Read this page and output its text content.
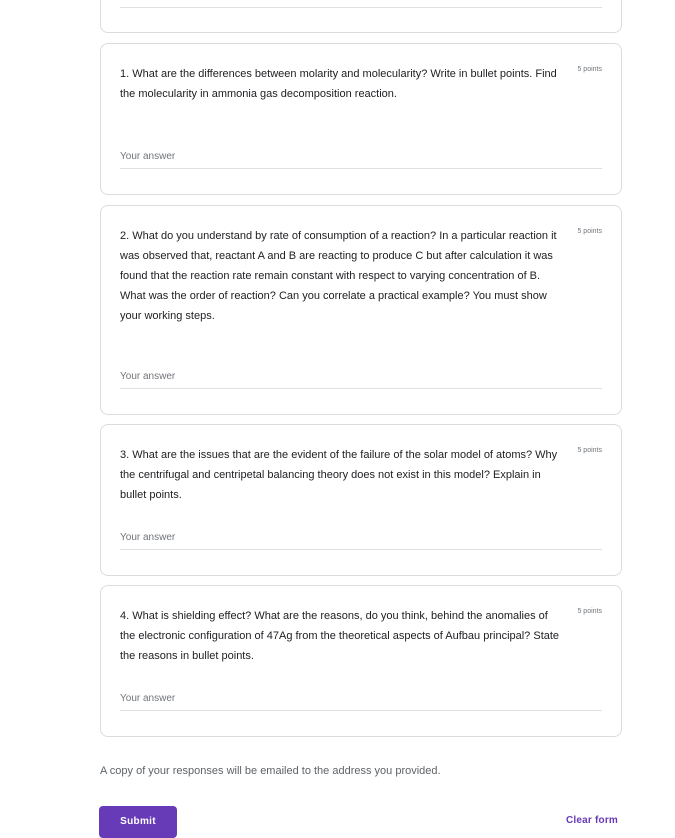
1. What are the differences between molarity and molecularity? Write in bullet points. Find the molecularity in ammonia gas decomposition reaction.

5 points
Your answer

2. What do you understand by rate of consumption of a reaction? In a particular reaction it was observed that, reactant A and B are reacting to produce C but after calculation it was found that the reaction rate remain constant with respect to varying concentration of B. What was the order of reaction? Can you correlate a practical example? You must show your working steps.

5 points
Your answer

3. What are the issues that are the evident of the failure of the solar model of atoms? Why the centrifugal and centripetal balancing theory does not exist in this model? Explain in bullet points.

5 points
Your answer

4. What is shielding effect? What are the reasons, do you think, behind the anomalies of the electronic configuration of 47Ag from the theoretical aspects of Aufbau principal? State the reasons in bullet points.

5 points
Your answer
A copy of your responses will be emailed to the address you provided.
Submit	Clear form
